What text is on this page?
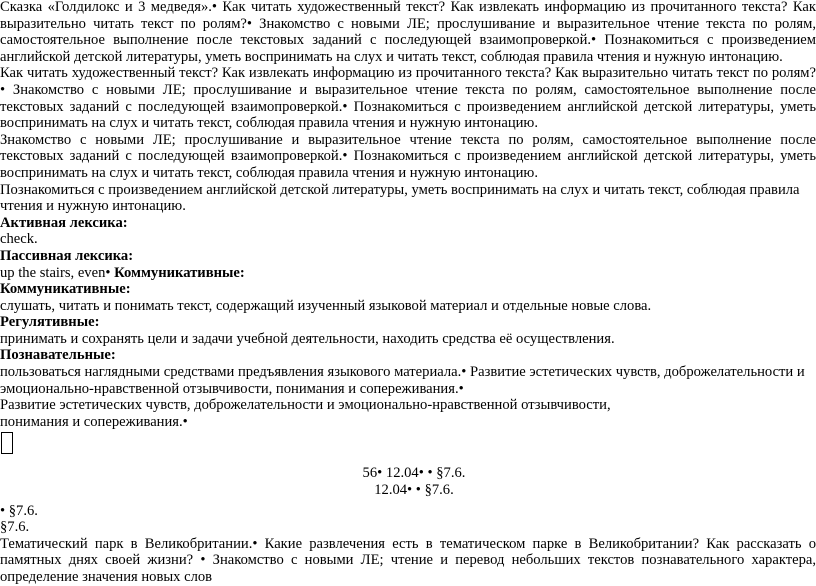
Сказка «Голдилокс и 3 медведя».• Как читать художественный текст? Как извлекать информацию из прочитанного текста? Как выразительно читать текст по ролям?• Знакомство с новыми ЛЕ; прослушивание и выразительное чтение текста по ролям, самостоятельное выполнение после текстовых заданий с последующей взаимопроверкой.• Познакомиться с произведением английской детской литературы, уметь воспринимать на слух и читать текст, соблюдая правила чтения и нужную интонацию.

Как читать художественный текст? Как извлекать информацию из прочитанного текста? Как выразительно читать текст по ролям?• Знакомство с новыми ЛЕ; прослушивание и выразительное чтение текста по ролям, самостоятельное выполнение после текстовых заданий с последующей взаимопроверкой.• Познакомиться с произведением английской детской литературы, уметь воспринимать на слух и читать текст, соблюдая правила чтения и нужную интонацию.

Знакомство с новыми ЛЕ; прослушивание и выразительное чтение текста по ролям, самостоятельное выполнение после текстовых заданий с последующей взаимопроверкой.• Познакомиться с произведением английской детской литературы, уметь воспринимать на слух и читать текст, соблюдая правила чтения и нужную интонацию.

Познакомиться с произведением английской детской литературы, уметь воспринимать на слух и читать текст, соблюдая правила чтения и нужную интонацию.

Активная лексика:

check.

Пассивная лексика:

up the stairs, even• Коммуникативные:

Коммуникативные:

слушать, читать и понимать текст, содержащий изученный языковой материал и отдельные новые слова.

Регулятивные:

принимать и сохранять цели и задачи учебной деятельности, находить средства её осуществления.

Познавательные:

пользоваться наглядными средствами предъявления языкового материала.• Развитие эстетических чувств, доброжелательности и эмоционально-нравственной отзывчивости, понимания и сопереживания.•

Развитие эстетических чувств, доброжелательности и эмоционально-нравственной отзывчивости, понимания и сопереживания.•

56• 12.04• • §7.6.

12.04• • §7.6.

• §7.6.

§7.6.

Тематический парк в Великобритании.• Какие развлечения есть в тематическом парке в Великобритании? Как рассказать о памятных днях своей жизни? • Знакомство с новыми ЛЕ; чтение и перевод небольших текстов познавательного характера, определение значения новых слов
